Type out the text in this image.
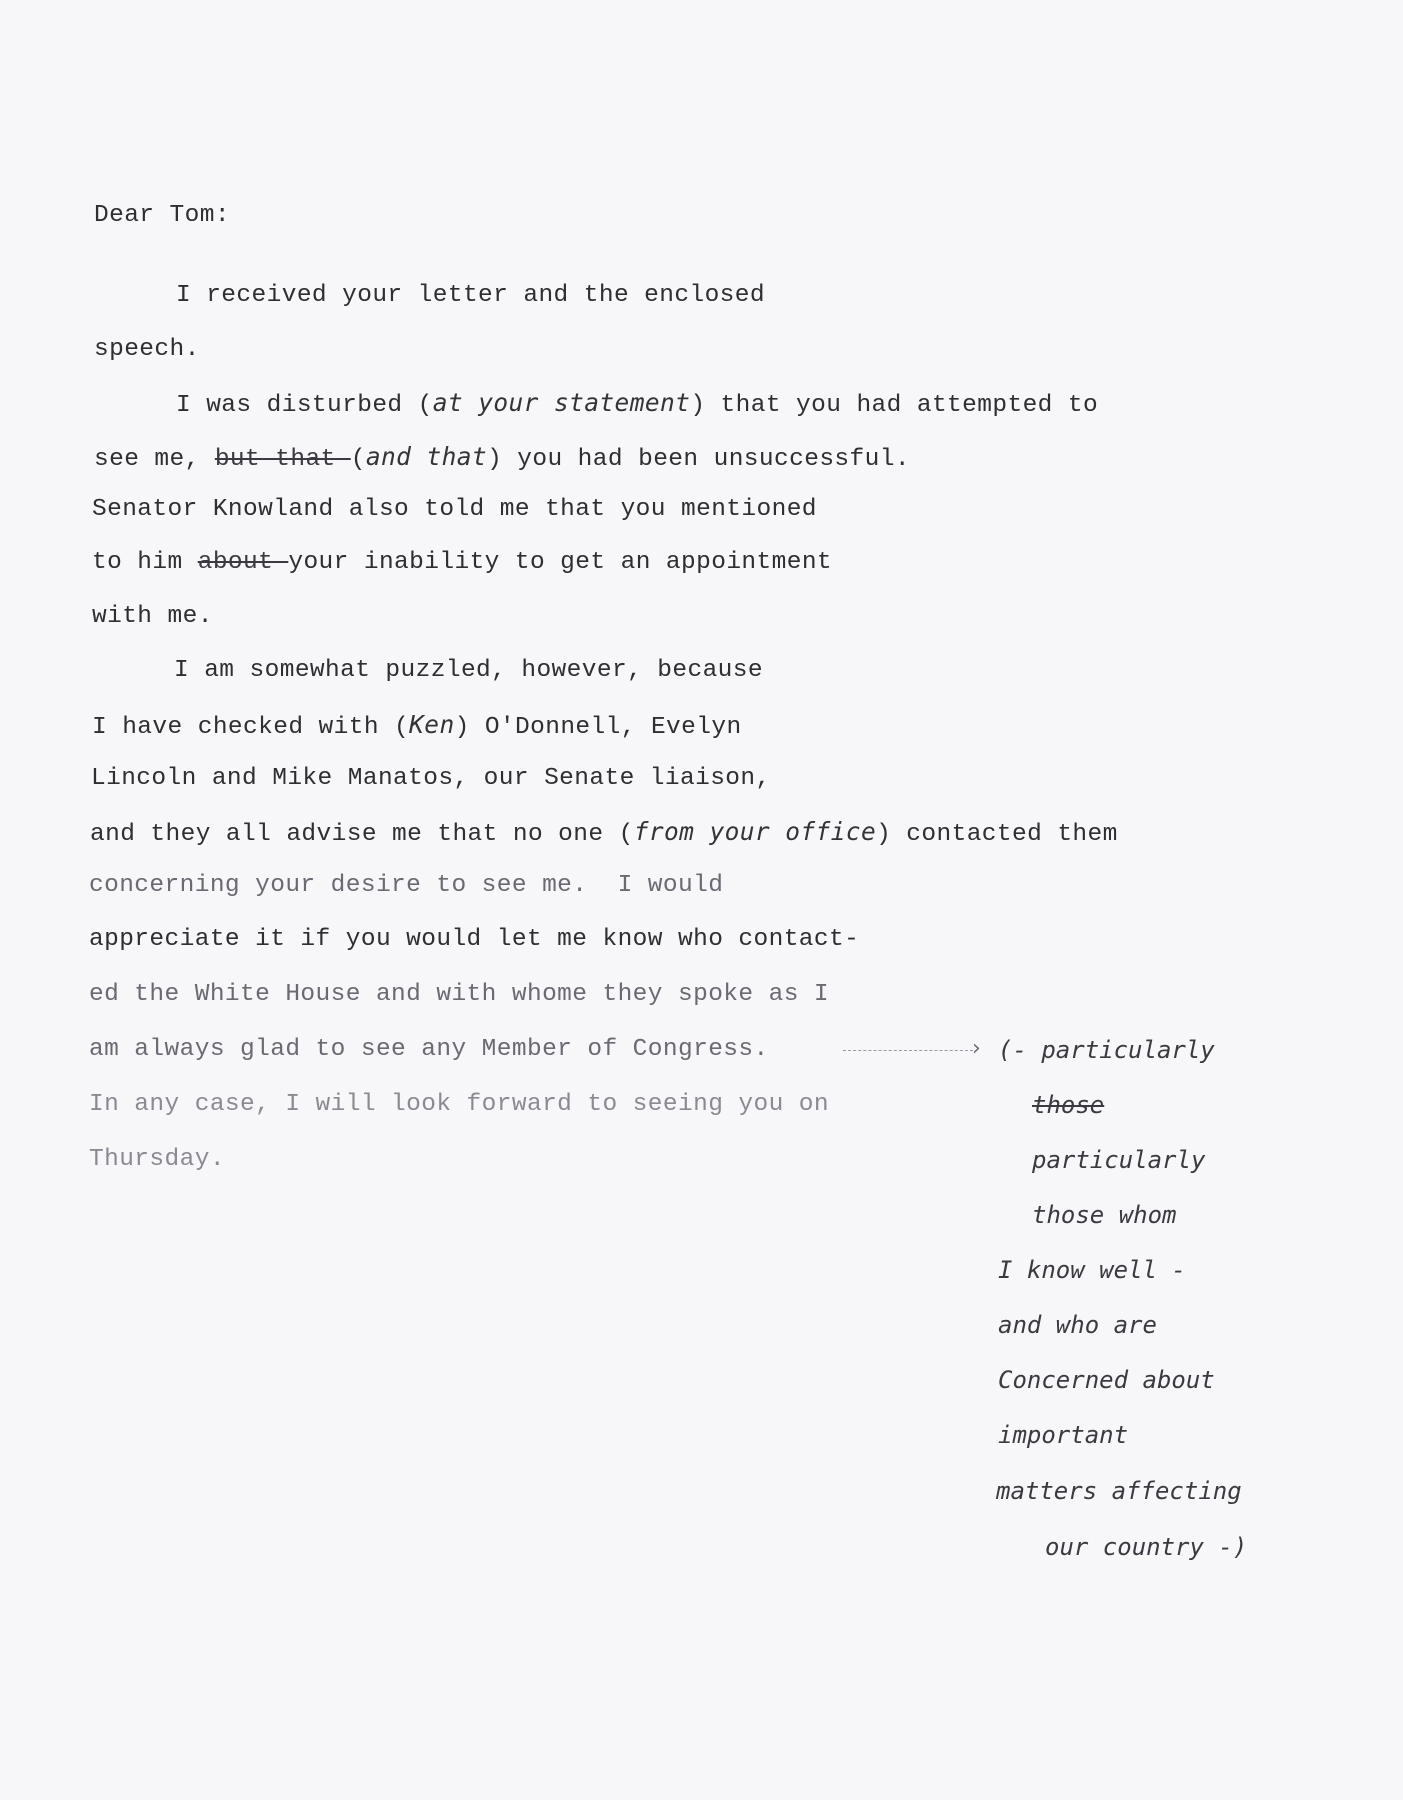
Dear Tom:
I received your letter and the enclosed
speech.
I was disturbed (at your statement) that you had attempted to
see me, but that (and that) you had been unsuccessful.
Senator Knowland also told me that you mentioned
to him about your inability to get an appointment
with me.
I am somewhat puzzled, however, because
I have checked with (Ken) O'Donnell, Evelyn
Lincoln and Mike Manatos, our Senate liaison,
and they all advise me that no one (from your office) contacted them
concerning your desire to see me.  I would
appreciate it if you would let me know who contact-
ed the White House and with whome they spoke as I
am always glad to see any Member of Congress.
In any case, I will look forward to seeing you on
Thursday.
› (- particularly
those
particularly
those whom
I know well -
and who are
Concerned about
important
matters affecting
our country -)
